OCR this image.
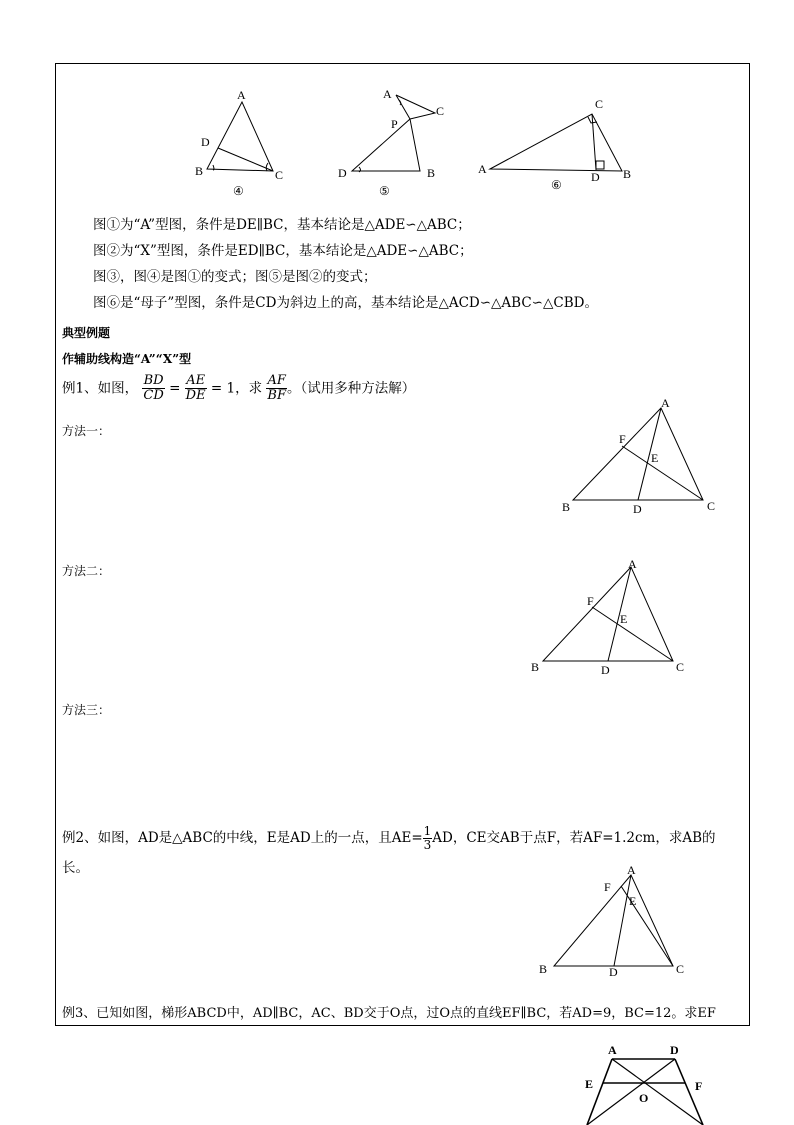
A
D
B	C
④
A
C
P
D	B
⑤
C
A
D B
⑥
图①为“A”型图，条件是DE∥BC，基本结论是△ADE∽△ABC；
图②为“X”型图，条件是ED∥BC，基本结论是△ADE∽△ABC；
图③，图④是图①的变式；图⑤是图②的变式；
图⑥是“母子”型图，条件是CD为斜边上的高，基本结论是△ACD∽△ABC∽△CBD。
典型例题
作辅助线构造“A”“X”型
例1、如图， $\frac{BD}{CD} = \frac{AE}{DE} = 1$，求 $\frac{AF}{BF}$ 。（试用多种方法解）
方法一：
A
F
E
B	D	C
方法二：	A
F
E
B	D	C
方法三：
例2、如图，AD是△ABC的中线，E是AD上的一点，且$AE= \frac{1}{3}$ AD，CE交AB于点F，若AF=1.2cm，求AB的
长。	A
F
E
B	D	C
例3、已知如图，梯形ABCD中，AD∥BC，AC、BD交于O点，过O点的直线EF∥BC，若AD=9，BC=12。求EF
A	D
E	F
O
